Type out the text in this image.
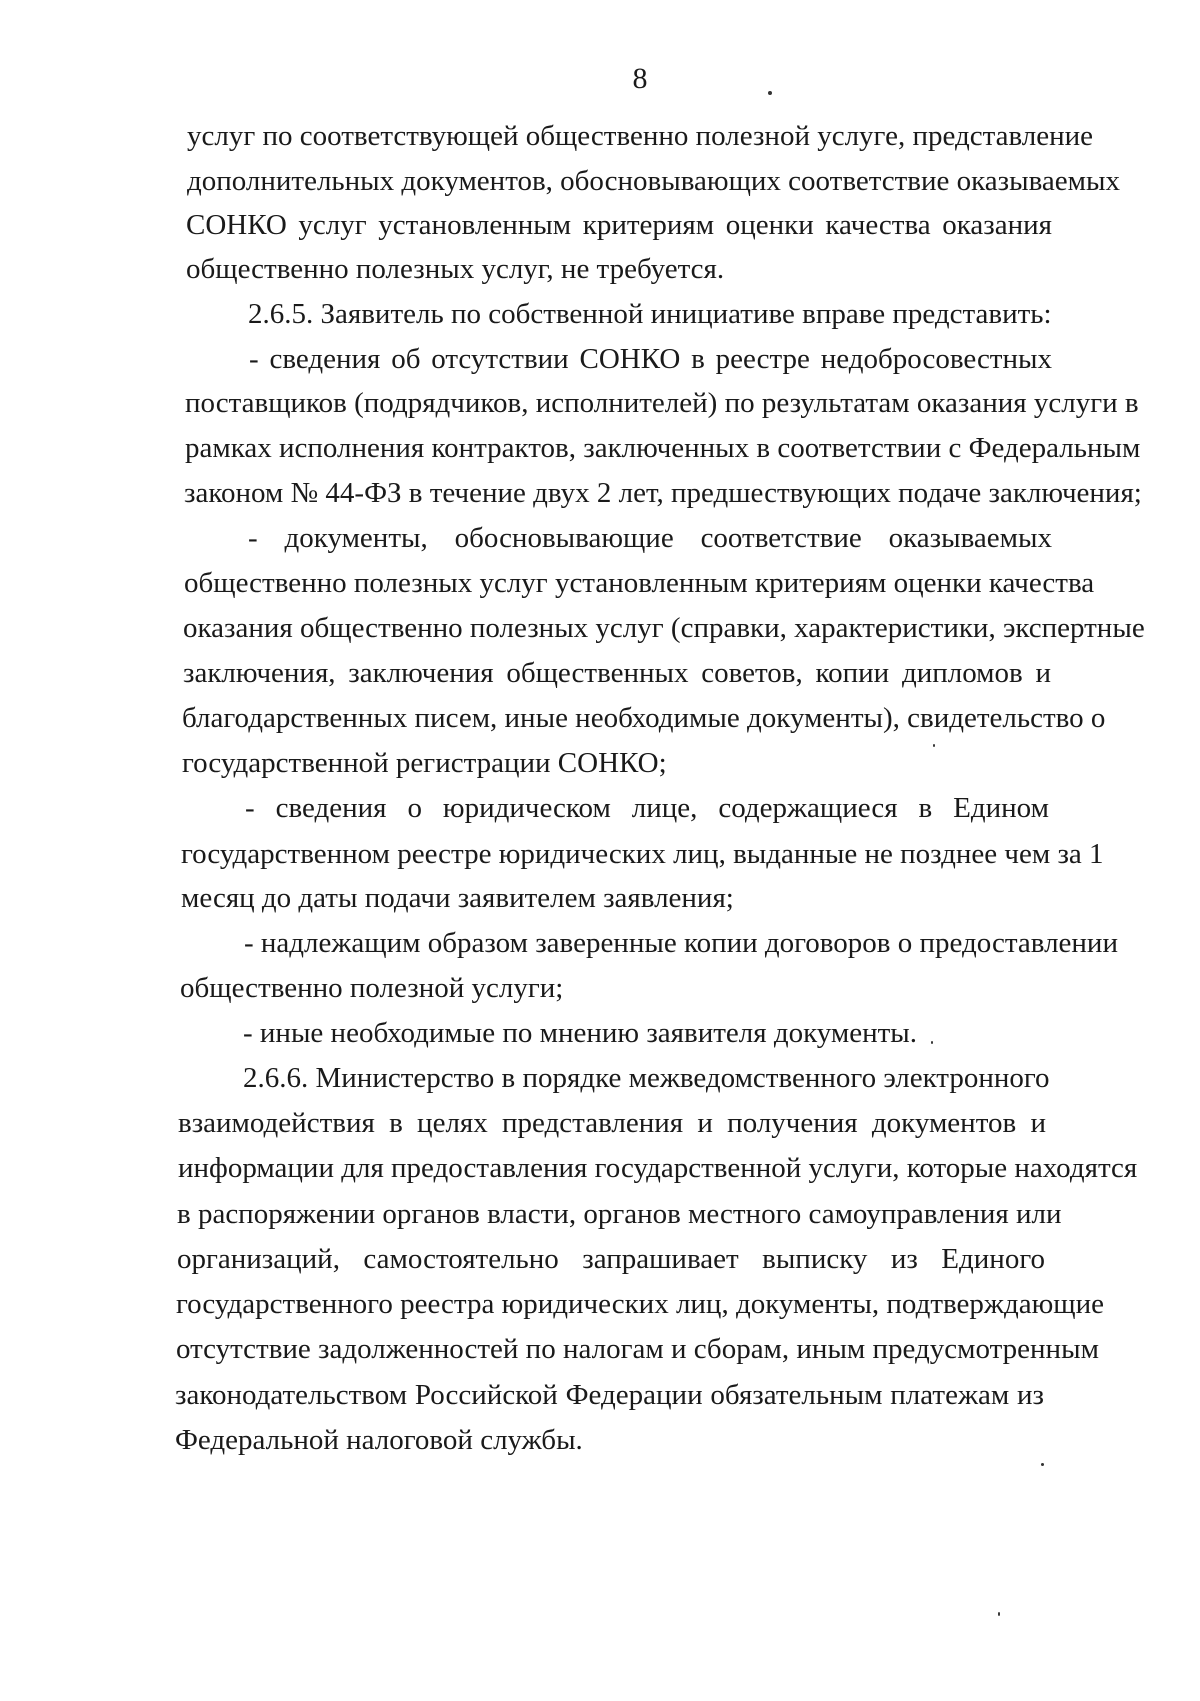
8
услуг по соответствующей общественно полезной услуге, представление
дополнительных документов, обосновывающих соответствие оказываемых
СОНКО услуг установленным критериям оценки качества оказания
общественно полезных услуг, не требуется.
2.6.5. Заявитель по собственной инициативе вправе представить:
- сведения об отсутствии СОНКО в реестре недобросовестных
поставщиков (подрядчиков, исполнителей) по результатам оказания услуги в
рамках исполнения контрактов, заключенных в соответствии с Федеральным
законом № 44-ФЗ в течение двух 2 лет, предшествующих подаче заключения;
- документы, обосновывающие соответствие оказываемых
общественно полезных услуг установленным критериям оценки качества
оказания общественно полезных услуг (справки, характеристики, экспертные
заключения, заключения общественных советов, копии дипломов и
благодарственных писем, иные необходимые документы), свидетельство о
государственной регистрации СОНКО;
- сведения о юридическом лице, содержащиеся в Едином
государственном реестре юридических лиц, выданные не позднее чем за 1
месяц до даты подачи заявителем заявления;
- надлежащим образом заверенные копии договоров о предоставлении
общественно полезной услуги;
- иные необходимые по мнению заявителя документы.
2.6.6. Министерство в порядке межведомственного электронного
взаимодействия в целях представления и получения документов и
информации для предоставления государственной услуги, которые находятся
в распоряжении органов власти, органов местного самоуправления или
организаций, самостоятельно запрашивает выписку из Единого
государственного реестра юридических лиц, документы, подтверждающие
отсутствие задолженностей по налогам и сборам, иным предусмотренным
законодательством Российской Федерации обязательным платежам из
Федеральной налоговой службы.
